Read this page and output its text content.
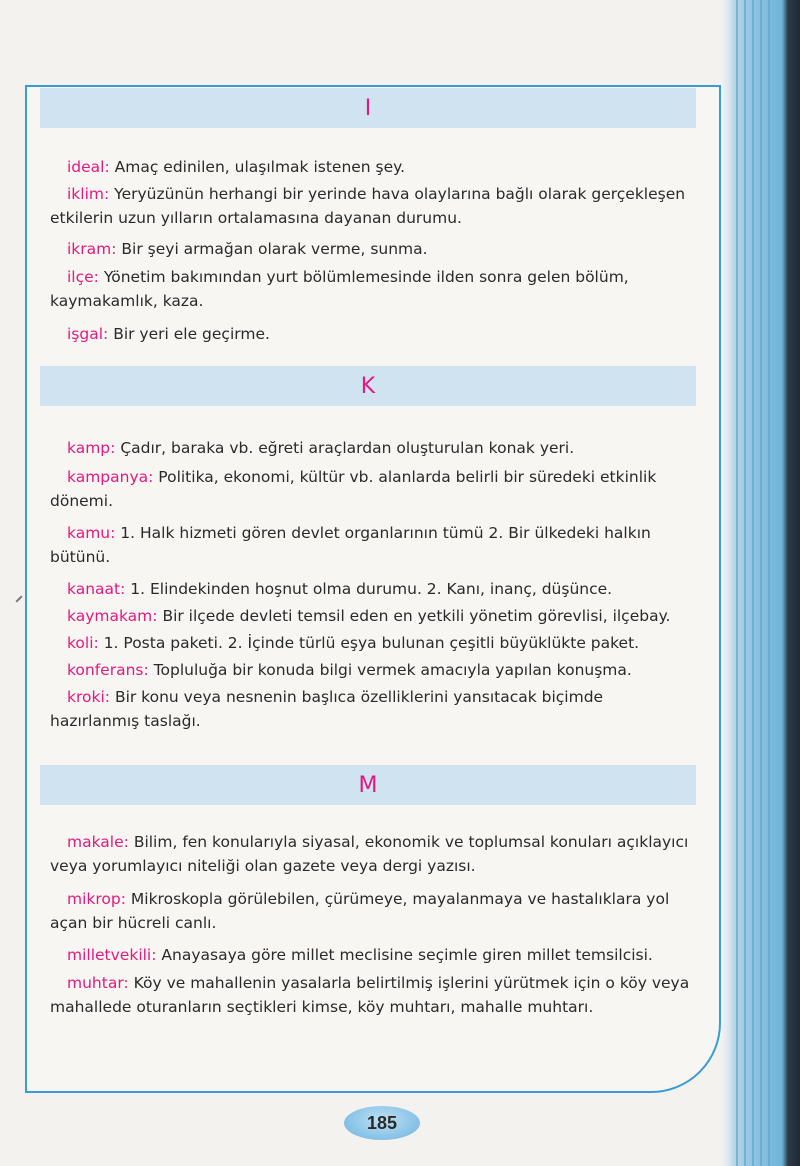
I
ideal: Amaç edinilen, ulaşılmak istenen şey.
iklim: Yeryüzünün herhangi bir yerinde hava olaylarına bağlı olarak gerçekleşen etkilerin uzun yılların ortalamasına dayanan durumu.
ikram: Bir şeyi armağan olarak verme, sunma.
ilçe: Yönetim bakımından yurt bölümlemesinde ilden sonra gelen bölüm, kaymakamlık, kaza.
işgal: Bir yeri ele geçirme.
K
kamp: Çadır, baraka vb. eğreti araçlardan oluşturulan konak yeri.
kampanya: Politika, ekonomi, kültür vb. alanlarda belirli bir süredeki etkinlik dönemi.
kamu: 1. Halk hizmeti gören devlet organlarının tümü 2. Bir ülkedeki halkın bütünü.
kanaat: 1. Elindekinden hoşnut olma durumu. 2. Kanı, inanç, düşünce.
kaymakam: Bir ilçede devleti temsil eden en yetkili yönetim görevlisi, ilçebay.
koli: 1. Posta paketi. 2. İçinde türlü eşya bulunan çeşitli büyüklükte paket.
konferans: Topluluğa bir konuda bilgi vermek amacıyla yapılan konuşma.
kroki: Bir konu veya nesnenin başlıca özelliklerini yansıtacak biçimde hazırlanmış taslağı.
M
makale: Bilim, fen konularıyla siyasal, ekonomik ve toplumsal konuları açıklayıcı veya yorumlayıcı niteliği olan gazete veya dergi yazısı.
mikrop: Mikroskopla görülebilen, çürümeye, mayalanmaya ve hastalıklara yol açan bir hücreli canlı.
milletvekili: Anayasaya göre millet meclisine seçimle giren millet temsilcisi.
muhtar: Köy ve mahallenin yasalarla belirtilmiş işlerini yürütmek için o köy veya mahallede oturanların seçtikleri kimse, köy muhtarı, mahalle muhtarı.
185
